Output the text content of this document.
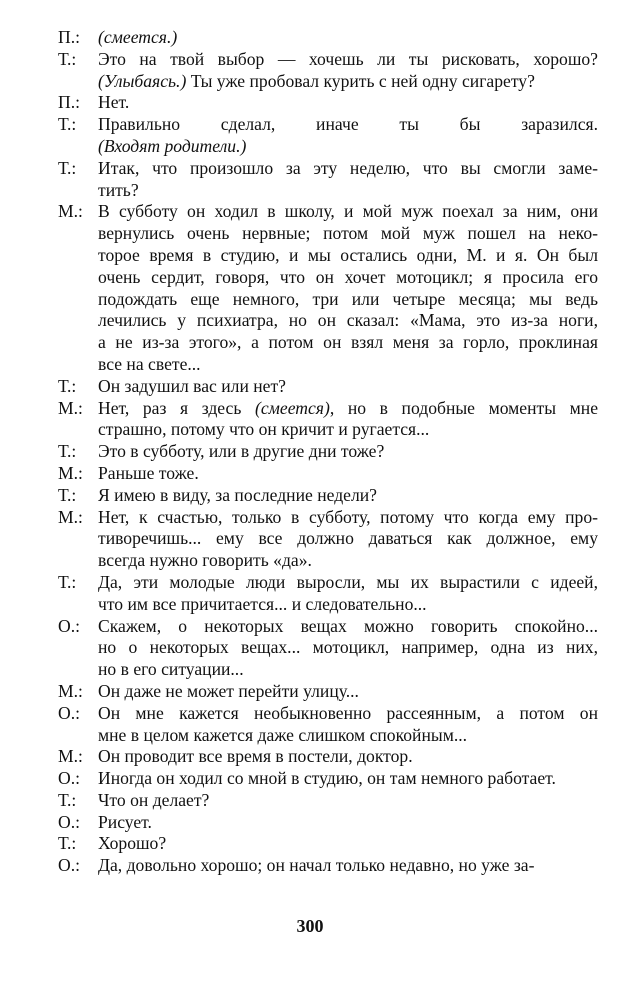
П.:	(смеется.)
Т.:	Это на твой выбор — хочешь ли ты рисковать, хорошо?
(Улыбаясь.) Ты уже пробовал курить с ней одну сигарету?
П.:	Нет.
Т.:	Правильно сделал, иначе ты бы заразился.
(Входят родители.)
Т.:	Итак, что произошло за эту неделю, что вы смогли заме-
тить?
М.: В субботу он ходил в школу, и мой муж поехал за ним, они
вернулись очень нервные; потом мой муж пошел на неко-
торое время в студию, и мы остались одни, М. и я. Он был
очень сердит, говоря, что он хочет мотоцикл; я просила его
подождать еще немного, три или четыре месяца; мы ведь
лечились у психиатра, но он сказал: «Мама, это из-за ноги,
а не из-за этого», а потом он взял меня за горло, проклиная
все на свете...
Т.:	Он задушил вас или нет?
М.: Нет, раз я здесь (смеется), но в подобные моменты мне
страшно, потому что он кричит и ругается...
Т.:	Это в субботу, или в другие дни тоже?
М.: Раньше тоже.
Т.:	Я имею в виду, за последние недели?
М.: Нет, к счастью, только в субботу, потому что когда ему про-
тиворечишь... ему все должно даваться как должное, ему
всегда нужно говорить «да».
Т.:	Да, эти молодые люди выросли, мы их вырастили с идеей,
что им все причитается... и следовательно...
О.:	Скажем, о некоторых вещах можно говорить спокойно...
но о некоторых вещах... мотоцикл, например, одна из них,
но в его ситуации...
М.: Он даже не может перейти улицу...
О.:	Он мне кажется необыкновенно рассеянным, а потом он
мне в целом кажется даже слишком спокойным...
М.: Он проводит все время в постели, доктор.
О.:	Иногда он ходил со мной в студию, он там немного работает.
Т.:	Что он делает?
О.:	Рисует.
Т.:	Хорошо?
О.:	Да, довольно хорошо; он начал только недавно, но уже за-
300
